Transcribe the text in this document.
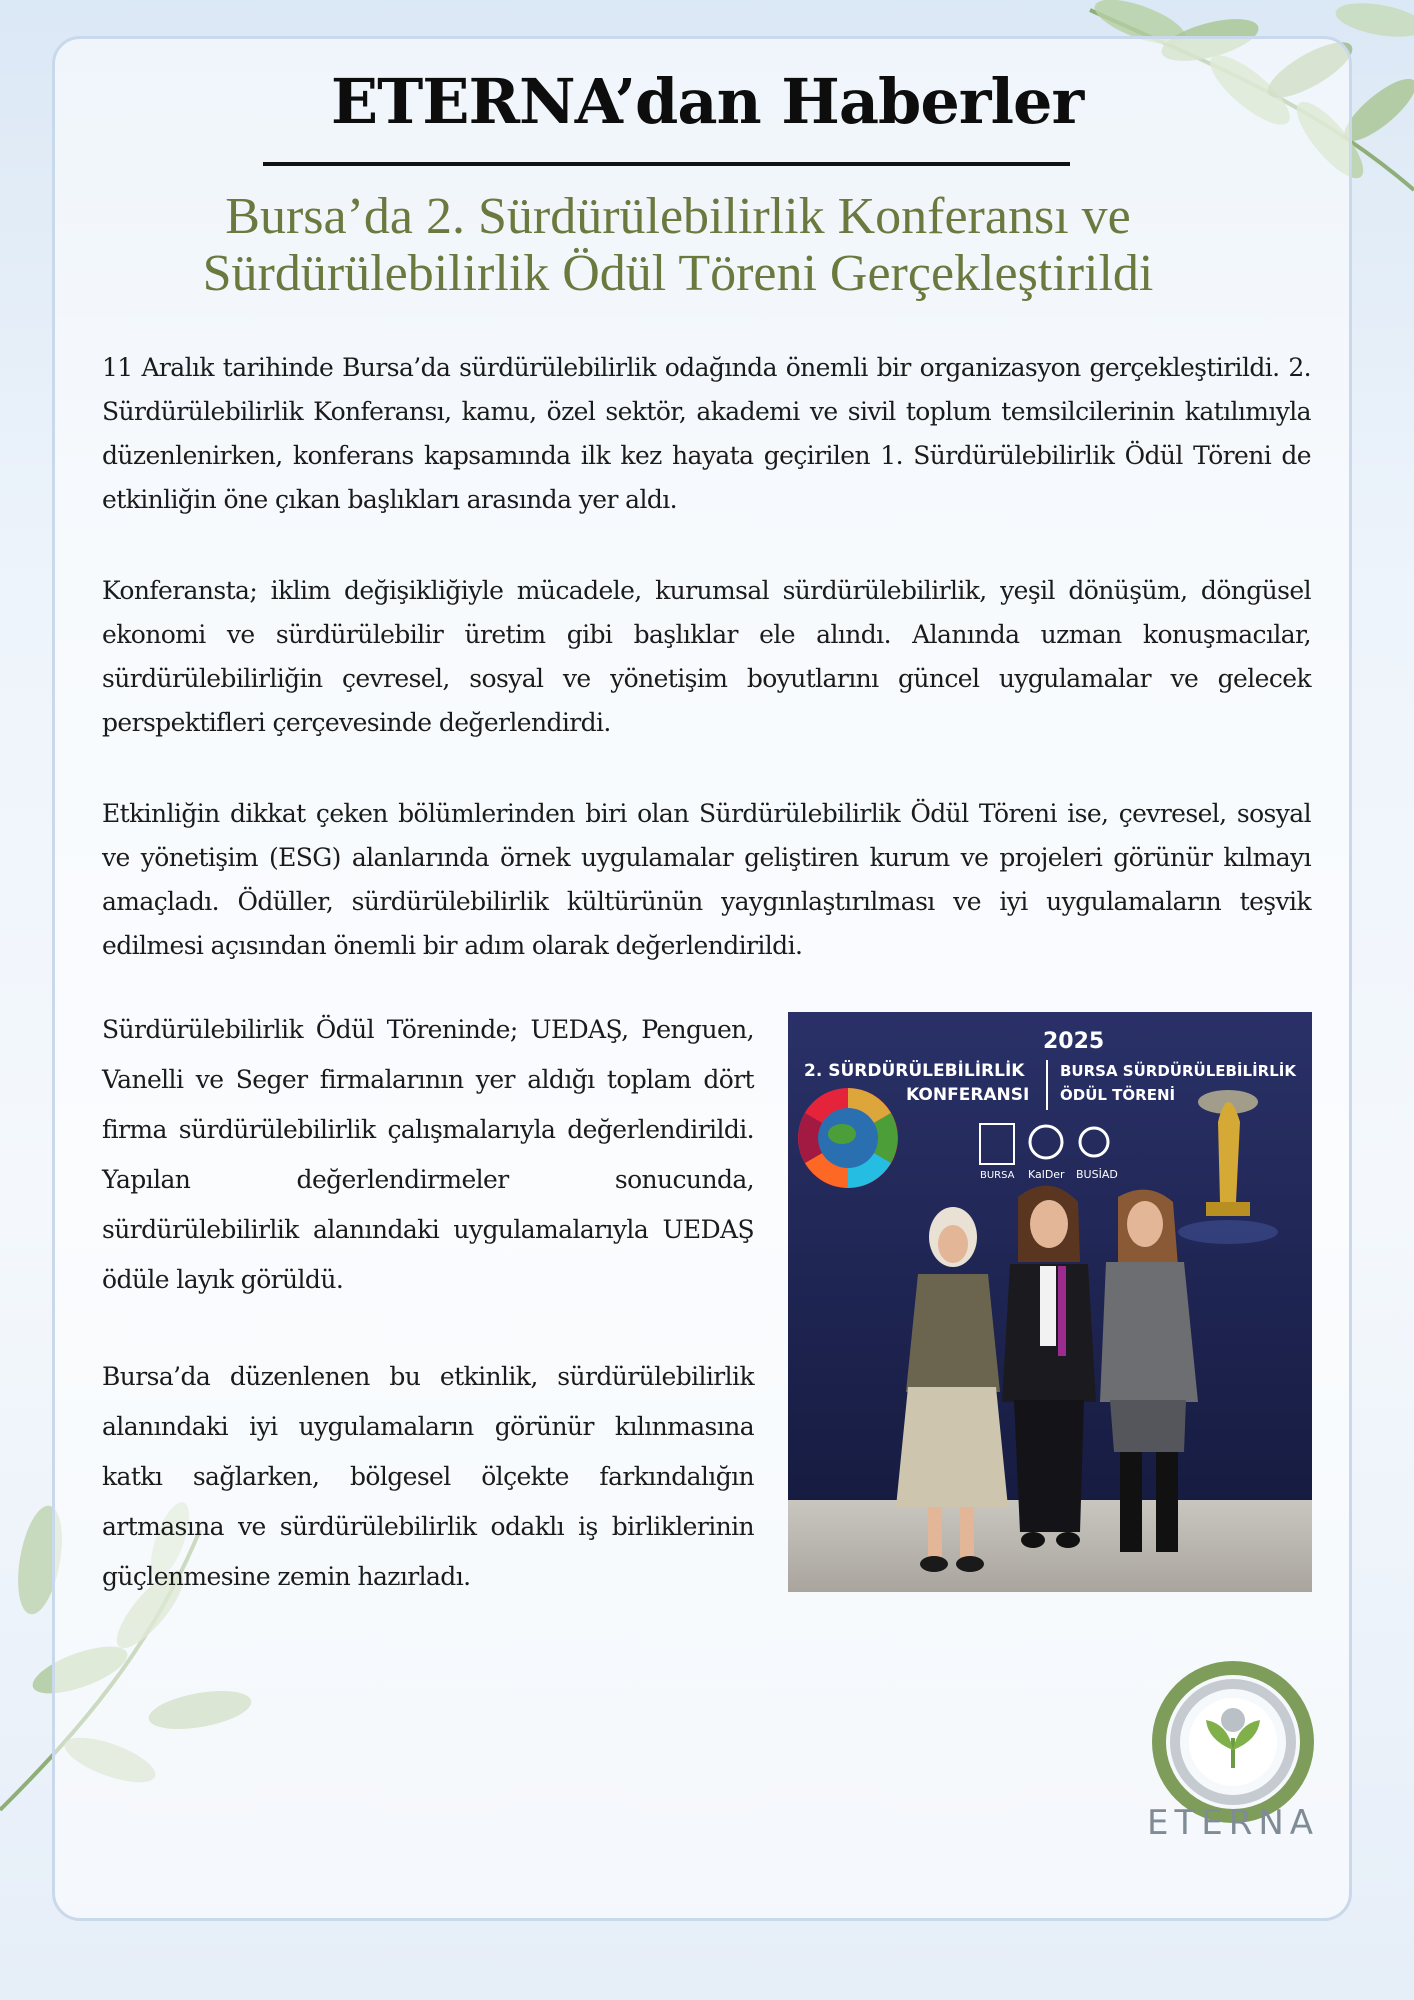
ETERNA’dan Haberler
Bursa’da 2. Sürdürülebilirlik Konferansı ve
Sürdürülebilirlik Ödül Töreni Gerçekleştirildi

11 Aralık tarihinde Bursa’da sürdürülebilirlik odağında önemli bir organizasyon gerçekleştirildi. 2. Sürdürülebilirlik Konferansı, kamu, özel sektör, akademi ve sivil toplum temsilcilerinin katılımıyla düzenlenirken, konferans kapsamında ilk kez hayata geçirilen 1. Sürdürülebilirlik Ödül Töreni de etkinliğin öne çıkan başlıkları arasında yer aldı.

Konferansta; iklim değişikliğiyle mücadele, kurumsal sürdürülebilirlik, yeşil dönüşüm, döngüsel ekonomi ve sürdürülebilir üretim gibi başlıklar ele alındı. Alanında uzman konuşmacılar, sürdürülebilirliğin çevresel, sosyal ve yönetişim boyutlarını güncel uygulamalar ve gelecek perspektifleri çerçevesinde değerlendirdi.

Etkinliğin dikkat çeken bölümlerinden biri olan Sürdürülebilirlik Ödül Töreni ise, çevresel, sosyal ve yönetişim (ESG) alanlarında örnek uygulamalar geliştiren kurum ve projeleri görünür kılmayı amaçladı. Ödüller, sürdürülebilirlik kültürünün yaygınlaştırılması ve iyi uygulamaların teşvik edilmesi açısından önemli bir adım olarak değerlendirildi.

Sürdürülebilirlik Ödül Töreninde; UEDAŞ, Penguen, Vanelli ve Seger firmalarının yer aldığı toplam dört firma sürdürülebilirlik çalışmalarıyla değerlendirildi. Yapılan değerlendirmeler sonucunda, sürdürülebilirlik alanındaki uygulamalarıyla UEDAŞ ödüle layık görüldü.

Bursa’da düzenlenen bu etkinlik, sürdürülebilirlik alanındaki iyi uygulamaların görünür kılınmasına katkı sağlarken, bölgesel ölçekte farkındalığın artmasına ve sürdürülebilirlik odaklı iş birliklerinin güçlenmesine zemin hazırladı.

2025
2. SÜRDÜRÜLEBİLİRLİK
KONFERANSI
BURSA SÜRDÜRÜLEBİLİRLİK
ÖDÜL TÖRENİ
BURSA KalDer BUSİAD
ETERNA
